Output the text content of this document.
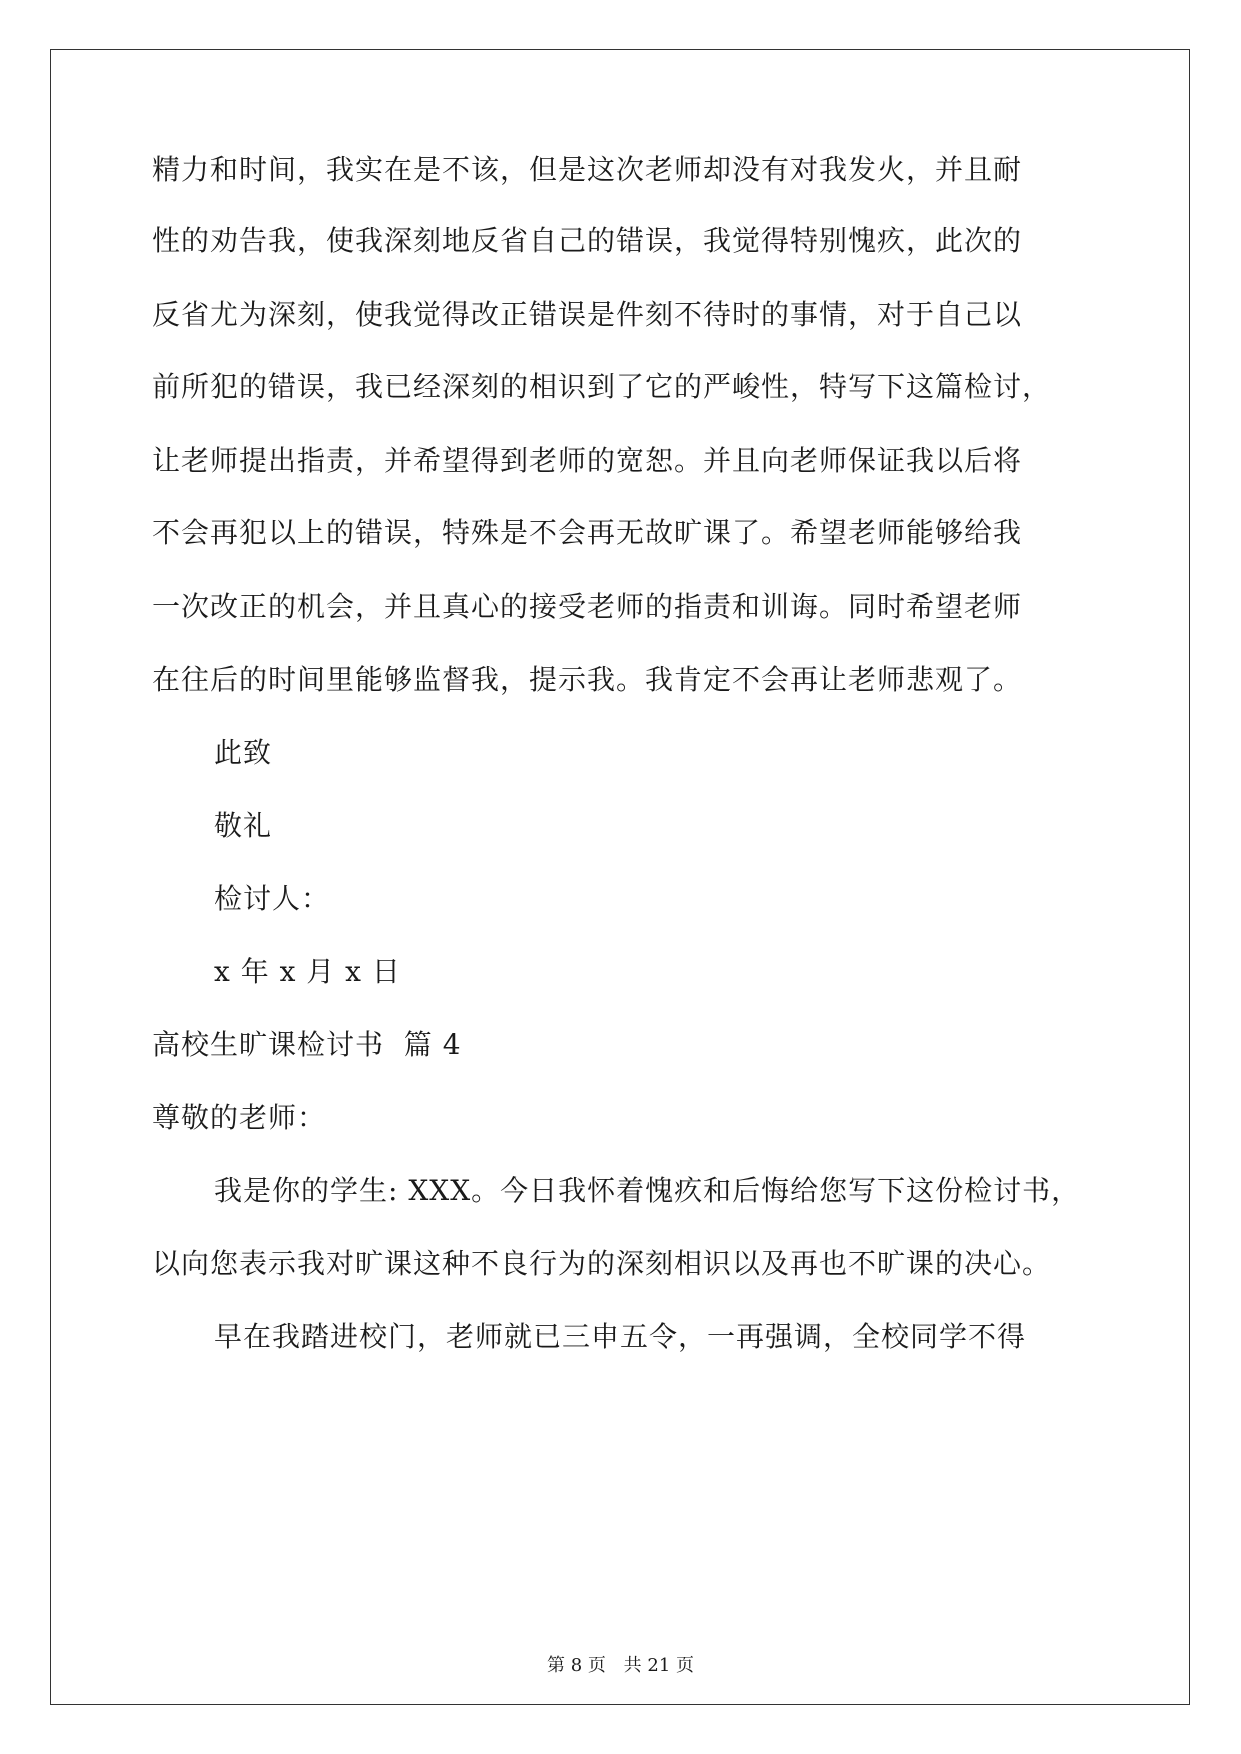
精力和时间，我实在是不该，但是这次老师却没有对我发火，并且耐
性的劝告我，使我深刻地反省自己的错误，我觉得特别愧疚，此次的
反省尤为深刻，使我觉得改正错误是件刻不待时的事情，对于自己以
前所犯的错误，我已经深刻的相识到了它的严峻性，特写下这篇检讨，
让老师提出指责，并希望得到老师的宽恕。并且向老师保证我以后将
不会再犯以上的错误，特殊是不会再无故旷课了。希望老师能够给我
一次改正的机会，并且真心的接受老师的指责和训诲。同时希望老师
在往后的时间里能够监督我，提示我。我肯定不会再让老师悲观了。
此致
敬礼
检讨人：
x 年 x 月 x 日
高校生旷课检讨书  篇 4
尊敬的老师：
我是你的学生: XXX。今日我怀着愧疚和后悔给您写下这份检讨书，
以向您表示我对旷课这种不良行为的深刻相识以及再也不旷课的决心。
早在我踏进校门，老师就已三申五令，一再强调，全校同学不得
第 8 页 共 21 页
